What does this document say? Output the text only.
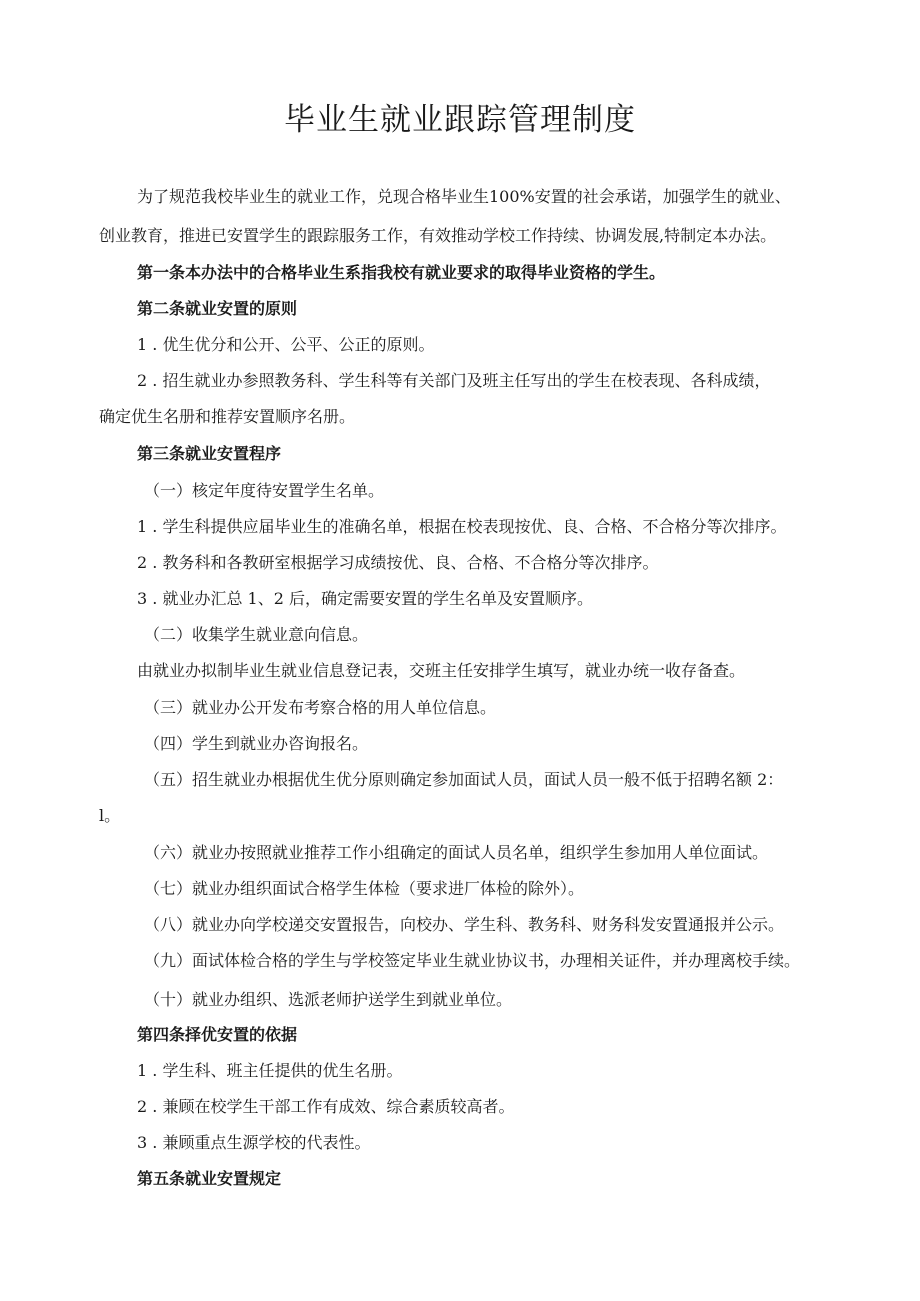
毕业生就业跟踪管理制度

为了规范我校毕业生的就业工作，兑现合格毕业生100%安置的社会承诺，加强学生的就业、

创业教育，推进已安置学生的跟踪服务工作，有效推动学校工作持续、协调发展,特制定本办法。

第一条本办法中的合格毕业生系指我校有就业要求的取得毕业资格的学生。

第二条就业安置的原则

1 . 优生优分和公开、公平、公正的原则。

2 . 招生就业办参照教务科、学生科等有关部门及班主任写出的学生在校表现、各科成绩，

确定优生名册和推荐安置顺序名册。

第三条就业安置程序

（一）核定年度待安置学生名单。

1 . 学生科提供应届毕业生的准确名单，根据在校表现按优、良、合格、不合格分等次排序。

2 . 教务科和各教研室根据学习成绩按优、良、合格、不合格分等次排序。

3 . 就业办汇总 1、2 后，确定需要安置的学生名单及安置顺序。

（二）收集学生就业意向信息。

由就业办拟制毕业生就业信息登记表，交班主任安排学生填写，就业办统一收存备查。

（三）就业办公开发布考察合格的用人单位信息。

（四）学生到就业办咨询报名。

（五）招生就业办根据优生优分原则确定参加面试人员，面试人员一般不低于招聘名额 2：

l。

（六）就业办按照就业推荐工作小组确定的面试人员名单，组织学生参加用人单位面试。

（七）就业办组织面试合格学生体检（要求进厂体检的除外）。

（八）就业办向学校递交安置报告，向校办、学生科、教务科、财务科发安置通报并公示。

（九）面试体检合格的学生与学校签定毕业生就业协议书，办理相关证件，并办理离校手续。

（十）就业办组织、选派老师护送学生到就业单位。

第四条择优安置的依据

1 . 学生科、班主任提供的优生名册。

2 . 兼顾在校学生干部工作有成效、综合素质较高者。

3 . 兼顾重点生源学校的代表性。

第五条就业安置规定
